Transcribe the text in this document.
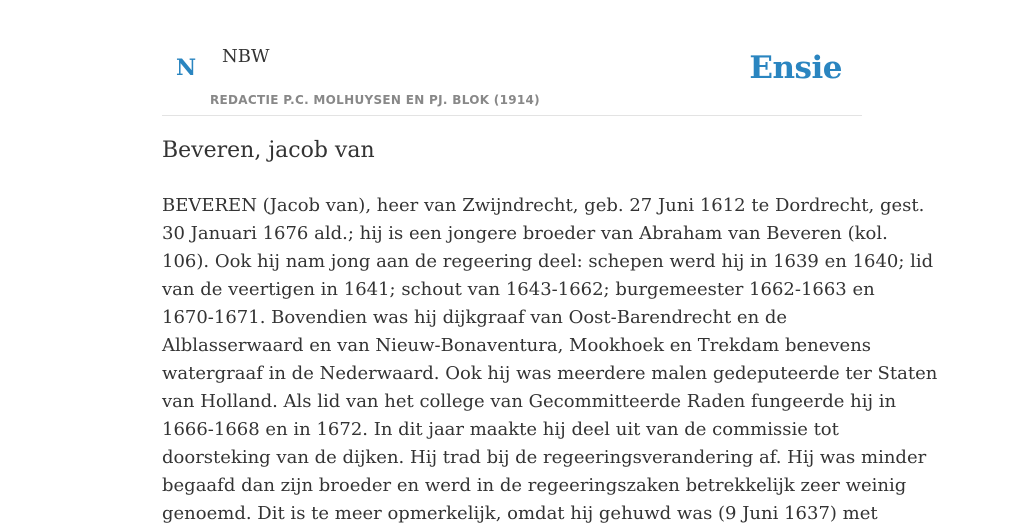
N NBW
REDACTIE P.C. MOLHUYSEN EN PJ. BLOK (1914)
Ensie
Beveren, jacob van
BEVEREN (Jacob van), heer van Zwijndrecht, geb. 27 Juni 1612 te Dordrecht, gest.
30 Januari 1676 ald.; hij is een jongere broeder van Abraham van Beveren (kol.
106). Ook hij nam jong aan de regeering deel: schepen werd hij in 1639 en 1640; lid
van de veertigen in 1641; schout van 1643-1662; burgemeester 1662-1663 en
1670-1671. Bovendien was hij dijkgraaf van Oost-Barendrecht en de
Alblasserwaard en van Nieuw-Bonaventura, Mookhoek en Trekdam benevens
watergraaf in de Nederwaard. Ook hij was meerdere malen gedeputeerde ter Staten
van Holland. Als lid van het college van Gecommitteerde Raden fungeerde hij in
1666-1668 en in 1672. In dit jaar maakte hij deel uit van de commissie tot
doorsteking van de dijken. Hij trad bij de regeeringsverandering af. Hij was minder
begaafd dan zijn broeder en werd in de regeeringszaken betrekkelijk zeer weinig
genoemd. Dit is te meer opmerkelijk, omdat hij gehuwd was (9 Juni 1637) met
